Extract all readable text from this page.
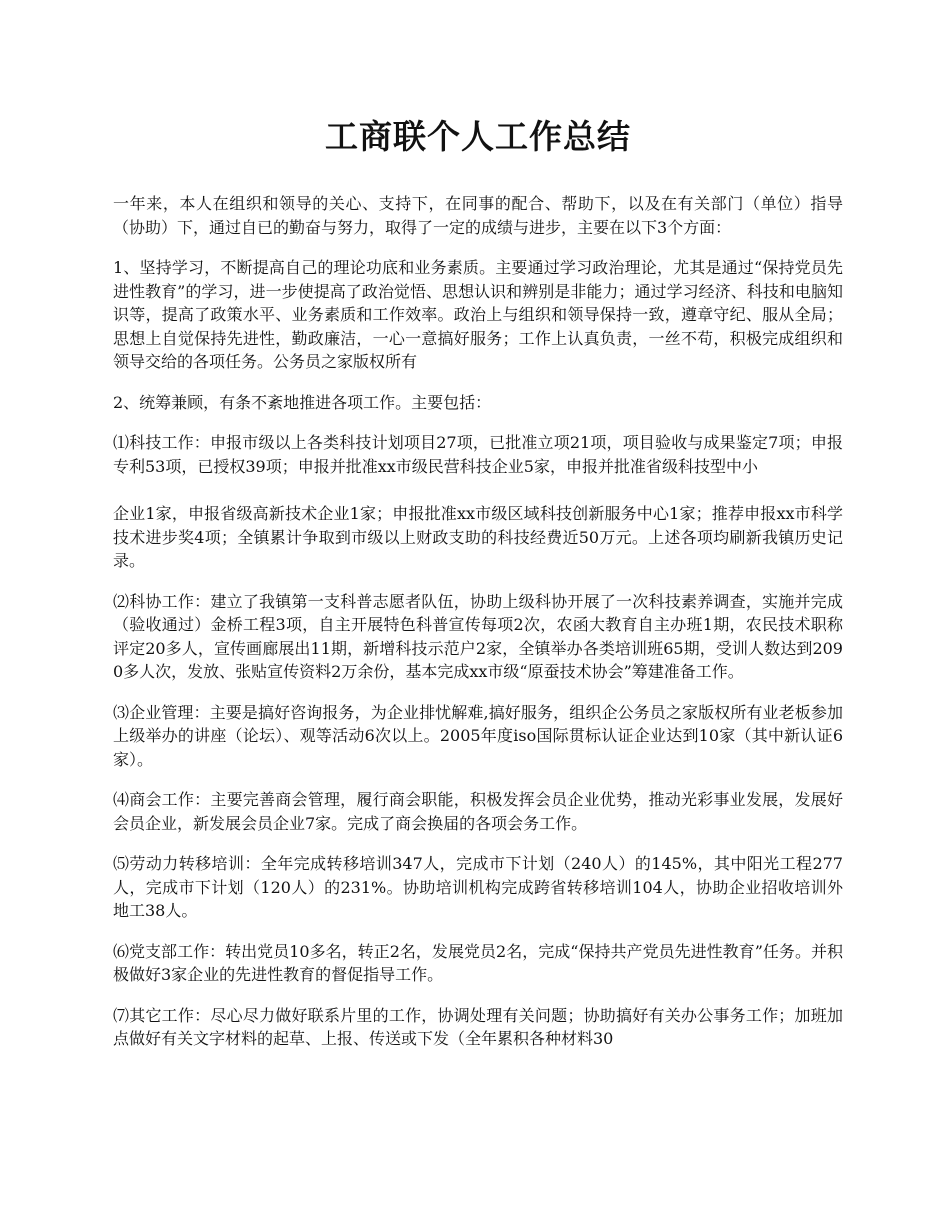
工商联个人工作总结

一年来，本人在组织和领导的关心、支持下，在同事的配合、帮助下，以及在有关部门（单位）指导（协助）下，通过自已的勤奋与努力，取得了一定的成绩与进步，主要在以下3个方面：

1、坚持学习，不断提高自己的理论功底和业务素质。主要通过学习政治理论，尤其是通过“保持党员先进性教育”的学习，进一步使提高了政治觉悟、思想认识和辨别是非能力；通过学习经济、科技和电脑知识等，提高了政策水平、业务素质和工作效率。政治上与组织和领导保持一致，遵章守纪、服从全局；思想上自觉保持先进性，勤政廉洁，一心一意搞好服务；工作上认真负责，一丝不苟，积极完成组织和领导交给的各项任务。公务员之家版权所有

2、统筹兼顾，有条不紊地推进各项工作。主要包括：

⑴科技工作：申报市级以上各类科技计划项目27项，已批准立项21项，项目验收与成果鉴定7项；申报专利53项，已授权39项；申报并批准xx市级民营科技企业5家，申报并批准省级科技型中小

企业1家，申报省级高新技术企业1家；申报批准xx市级区域科技创新服务中心1家；推荐申报xx市科学技术进步奖4项；全镇累计争取到市级以上财政支助的科技经费近50万元。上述各项均刷新我镇历史记录。

⑵科协工作：建立了我镇第一支科普志愿者队伍，协助上级科协开展了一次科技素养调查，实施并完成（验收通过）金桥工程3项，自主开展特色科普宣传每项2次，农函大教育自主办班1期，农民技术职称评定20多人，宣传画廊展出11期，新增科技示范户2家，全镇举办各类培训班65期，受训人数达到2090多人次，发放、张贴宣传资料2万余份，基本完成xx市级“原蚕技术协会”筹建准备工作。

⑶企业管理：主要是搞好咨询报务，为企业排忧解难,搞好服务，组织企公务员之家版权所有业老板参加上级举办的讲座（论坛）、观等活动6次以上。2005年度iso国际贯标认证企业达到10家（其中新认证6家）。

⑷商会工作：主要完善商会管理，履行商会职能，积极发挥会员企业优势，推动光彩事业发展，发展好会员企业，新发展会员企业7家。完成了商会换届的各项会务工作。

⑸劳动力转移培训：全年完成转移培训347人，完成市下计划（240人）的145%，其中阳光工程277人，完成市下计划（120人）的231%。协助培训机构完成跨省转移培训104人，协助企业招收培训外地工38人。

⑹党支部工作：转出党员10多名，转正2名，发展党员2名，完成“保持共产党员先进性教育”任务。并积极做好3家企业的先进性教育的督促指导工作。

⑺其它工作：尽心尽力做好联系片里的工作，协调处理有关问题；协助搞好有关办公事务工作；加班加点做好有关文字材料的起草、上报、传送或下发（全年累积各种材料30
